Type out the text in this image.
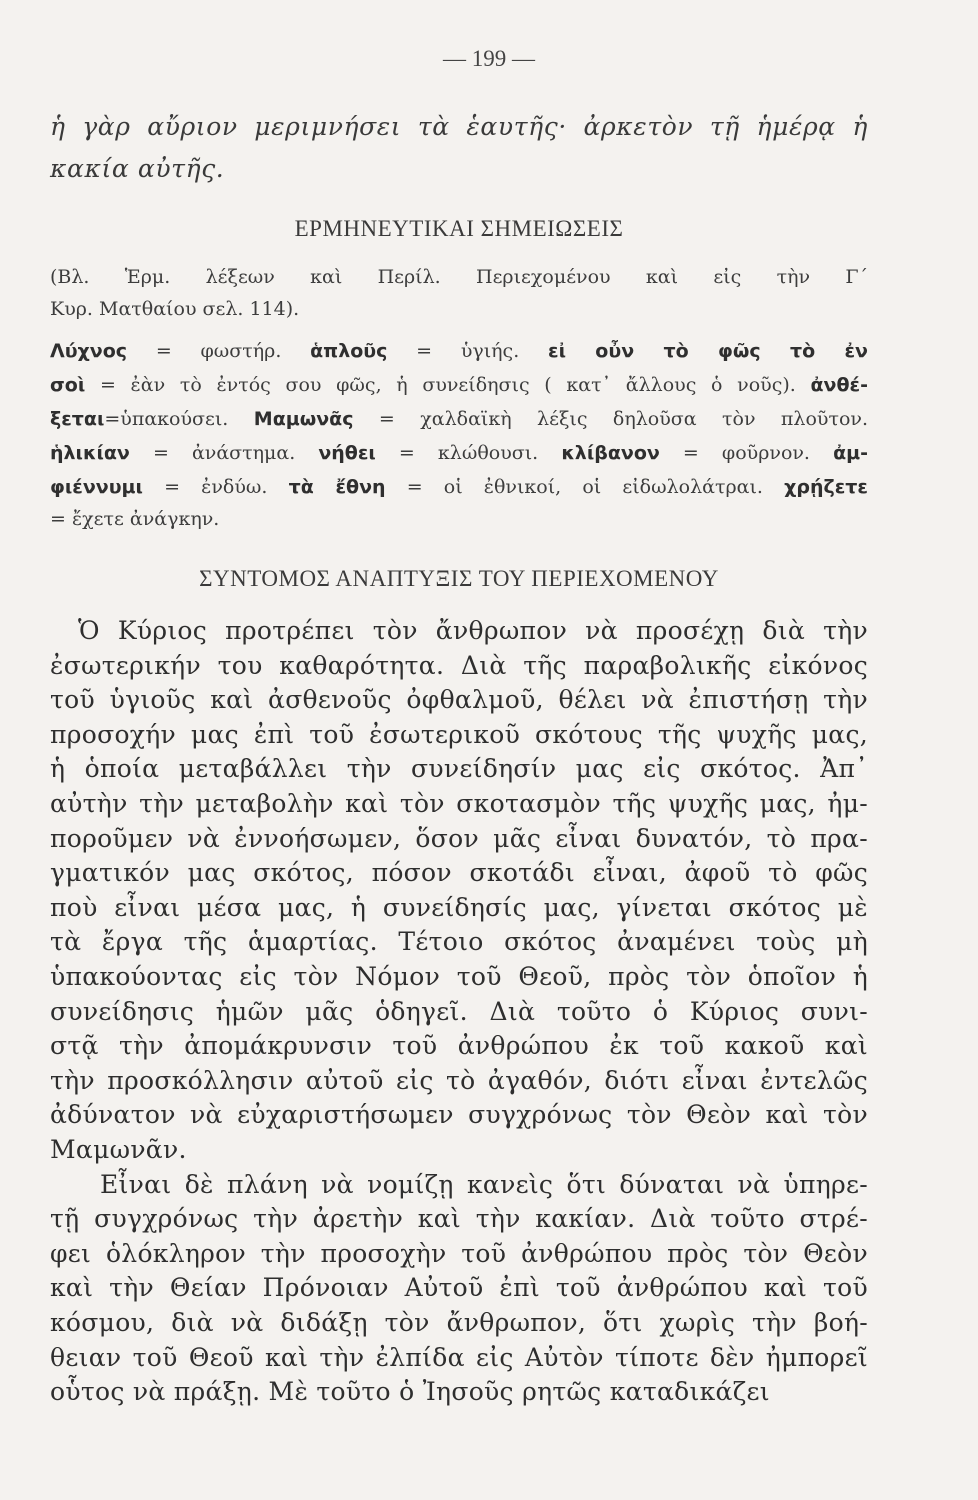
— 199 —

ἡ γὰρ αὔριον μεριμνήσει τὰ ἑαυτῆς· ἀρκετὸν τῇ ἡμέρᾳ ἡ

κακία αὐτῆς.

ΕΡΜΗΝΕΥΤΙΚΑΙ ΣΗΜΕΙΩΣΕΙΣ

(Βλ. Ἑρμ. λέξεων καὶ Περίλ. Περιεχομένου καὶ εἰς τὴν Γ΄

Κυρ. Ματθαίου σελ. 114).

Λύχνος = φωστήρ. ἁπλοῦς = ὑγιής. εἰ οὖν τὸ φῶς τὸ ἐν

σοὶ = ἐὰν τὸ ἐντός σου φῶς, ἡ συνείδησις ( κατ᾽ ἄλλους ὁ νοῦς). ἀνθέ-

ξεται=ὑπακούσει. Μαμωνᾶς = χαλδαϊκὴ λέξις δηλοῦσα τὸν πλοῦτον.

ἡλικίαν = ἀνάστημα. νήθει = κλώθουσι. κλίβανον = φοῦρνον. ἀμ-

φιέννυμι = ἐνδύω. τὰ ἔθνη = οἱ ἐθνικοί, οἱ εἰδωλολάτραι. χρῄζετε

= ἔχετε ἀνάγκην.

ΣΥΝΤΟΜΟΣ ΑΝΑΠΤΥΞΙΣ ΤΟΥ ΠΕΡΙΕΧΟΜΕΝΟΥ

Ὁ Κύριος προτρέπει τὸν ἄνθρωπον νὰ προσέχῃ διὰ τὴν

ἐσωτερικήν του καθαρότητα. Διὰ τῆς παραβολικῆς εἰκόνος

τοῦ ὑγιοῦς καὶ ἀσθενοῦς ὀφθαλμοῦ, θέλει νὰ ἐπιστήσῃ τὴν

προσοχήν μας ἐπὶ τοῦ ἐσωτερικοῦ σκότους τῆς ψυχῆς μας,

ἡ ὁποία μεταβάλλει τὴν συνείδησίν μας εἰς σκότος. Ἀπ᾽

αὐτὴν τὴν μεταβολὴν καὶ τὸν σκοτασμὸν τῆς ψυχῆς μας, ἠμ-

ποροῦμεν νὰ ἐννοήσωμεν, ὅσον μᾶς εἶναι δυνατόν, τὸ πρα-

γματικόν μας σκότος, πόσον σκοτάδι εἶναι, ἀφοῦ τὸ φῶς

ποὺ εἶναι μέσα μας, ἡ συνείδησίς μας, γίνεται σκότος μὲ

τὰ ἔργα τῆς ἁμαρτίας. Τέτοιο σκότος ἀναμένει τοὺς μὴ

ὑπακούοντας εἰς τὸν Νόμον τοῦ Θεοῦ, πρὸς τὸν ὁποῖον ἡ

συνείδησις ἡμῶν μᾶς ὁδηγεῖ. Διὰ τοῦτο ὁ Κύριος συνι-

στᾷ τὴν ἀπομάκρυνσιν τοῦ ἀνθρώπου ἐκ τοῦ κακοῦ καὶ

τὴν προσκόλλησιν αὐτοῦ εἰς τὸ ἀγαθόν, διότι εἶναι ἐντελῶς

ἀδύνατον νὰ εὐχαριστήσωμεν συγχρόνως τὸν Θεὸν καὶ τὸν

Μαμωνᾶν.

Εἶναι δὲ πλάνη νὰ νομίζῃ κανεὶς ὅτι δύναται νὰ ὑπηρε-

τῇ συγχρόνως τὴν ἀρετὴν καὶ τὴν κακίαν. Διὰ τοῦτο στρέ-

φει ὁλόκληρον τὴν προσοχὴν τοῦ ἀνθρώπου πρὸς τὸν Θεὸν

καὶ τὴν Θείαν Πρόνοιαν Αὐτοῦ ἐπὶ τοῦ ἀνθρώπου καὶ τοῦ

κόσμου, διὰ νὰ διδάξῃ τὸν ἄνθρωπον, ὅτι χωρὶς τὴν βοή-

θειαν τοῦ Θεοῦ καὶ τὴν ἐλπίδα εἰς Αὐτὸν τίποτε δὲν ἠμπορεῖ

οὗτος νὰ πράξῃ. Μὲ τοῦτο ὁ Ἰησοῦς ρητῶς καταδικάζει
